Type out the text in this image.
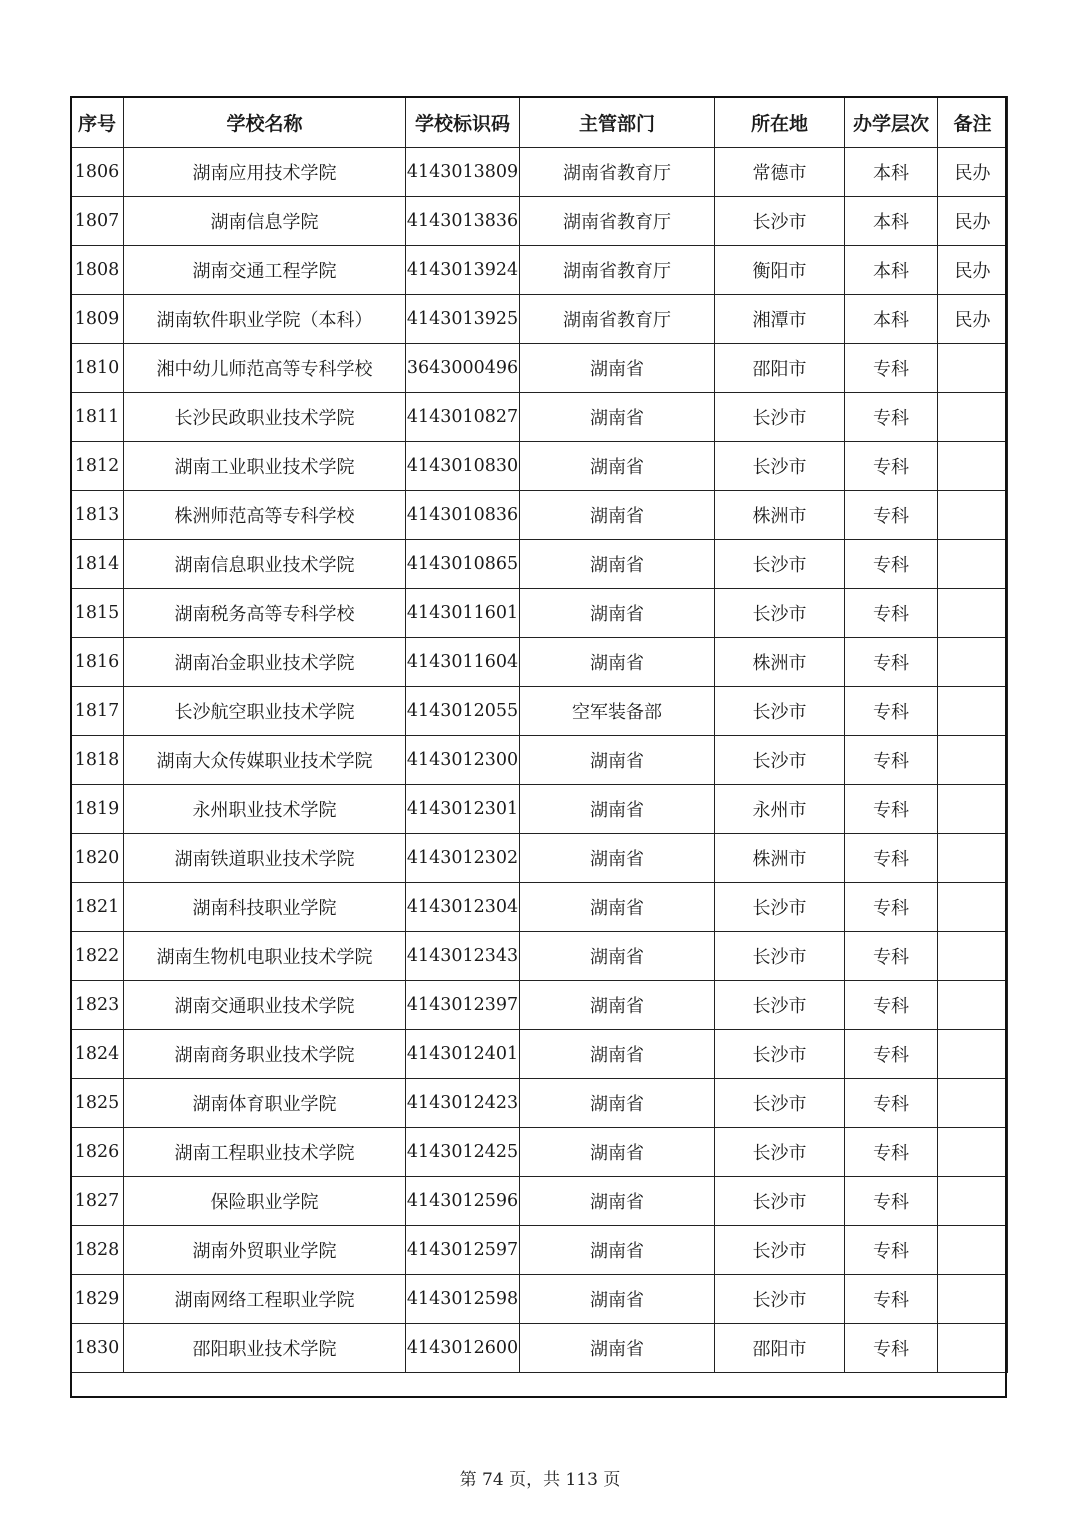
序号	学校名称	学校标识码	主管部门	所在地	办学层次	备注
1806	湖南应用技术学院	4143013809	湖南省教育厅	常德市	本科	民办
1807	湖南信息学院	4143013836	湖南省教育厅	长沙市	本科	民办
1808	湖南交通工程学院	4143013924	湖南省教育厅	衡阳市	本科	民办
1809	湖南软件职业学院（本科）	4143013925	湖南省教育厅	湘潭市	本科	民办
1810	湘中幼儿师范高等专科学校	3643000496	湖南省	邵阳市	专科	
1811	长沙民政职业技术学院	4143010827	湖南省	长沙市	专科	
1812	湖南工业职业技术学院	4143010830	湖南省	长沙市	专科	
1813	株洲师范高等专科学校	4143010836	湖南省	株洲市	专科	
1814	湖南信息职业技术学院	4143010865	湖南省	长沙市	专科	
1815	湖南税务高等专科学校	4143011601	湖南省	长沙市	专科	
1816	湖南冶金职业技术学院	4143011604	湖南省	株洲市	专科	
1817	长沙航空职业技术学院	4143012055	空军装备部	长沙市	专科	
1818	湖南大众传媒职业技术学院	4143012300	湖南省	长沙市	专科	
1819	永州职业技术学院	4143012301	湖南省	永州市	专科	
1820	湖南铁道职业技术学院	4143012302	湖南省	株洲市	专科	
1821	湖南科技职业学院	4143012304	湖南省	长沙市	专科	
1822	湖南生物机电职业技术学院	4143012343	湖南省	长沙市	专科	
1823	湖南交通职业技术学院	4143012397	湖南省	长沙市	专科	
1824	湖南商务职业技术学院	4143012401	湖南省	长沙市	专科	
1825	湖南体育职业学院	4143012423	湖南省	长沙市	专科	
1826	湖南工程职业技术学院	4143012425	湖南省	长沙市	专科	
1827	保险职业学院	4143012596	湖南省	长沙市	专科	
1828	湖南外贸职业学院	4143012597	湖南省	长沙市	专科	
1829	湖南网络工程职业学院	4143012598	湖南省	长沙市	专科	
1830	邵阳职业技术学院	4143012600	湖南省	邵阳市	专科	
第 74 页，共 113 页
